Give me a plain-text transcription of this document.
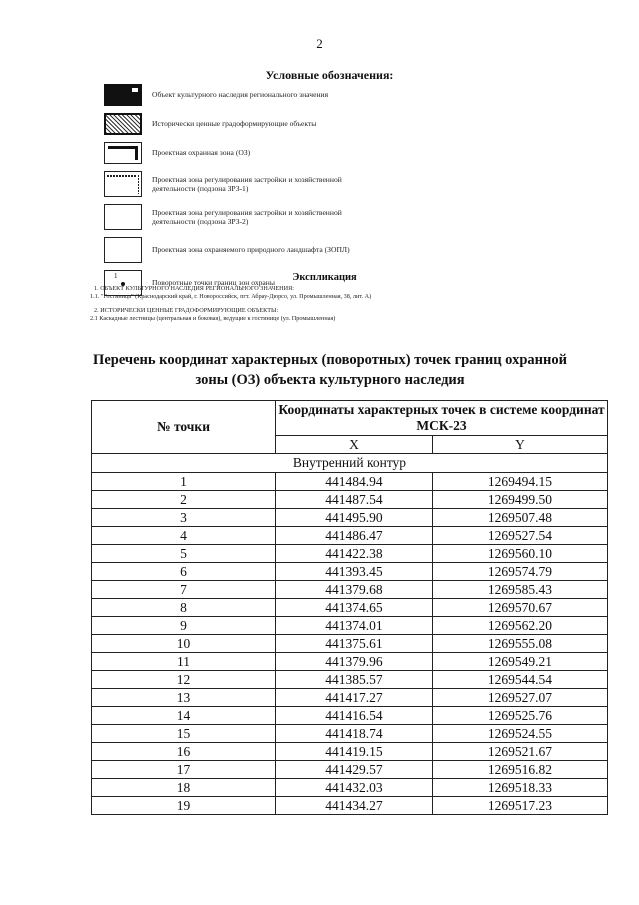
2
Условные обозначения:
Объект культурного наследия регионального значения
Исторически ценные градоформирующие объекты
Проектная охранная зона (ОЗ)
Проектная зона регулирования застройки и хозяйственной деятельности (подзона ЗРЗ-1)
Проектная зона регулирования застройки и хозяйственной деятельности (подзона ЗРЗ-2)
Проектная зона охраняемого природного ландшафта (ЗОПЛ)
1
Поворотные точки границ зон охраны	Экспликация
1. ОБЪЕКТ КУЛЬТУРНОГО НАСЛЕДИЯ РЕГИОНАЛЬНОГО ЗНАЧЕНИЯ:
1.1. "Гостиница" (Краснодарский край, г. Новороссийск, пгт. Абрау-Дюрсо, ул. Промышленная, 38, лит. А)
2. ИСТОРИЧЕСКИ ЦЕННЫЕ ГРАДОФОРМИРУЮЩИЕ ОБЪЕКТЫ:
2.1 Каскадные лестницы (центральная и боковая), ведущие к гостинице (ул. Промышленная)
Перечень координат характерных (поворотных) точек границ охранной зоны (ОЗ) объекта культурного наследия
№ точки	Координаты характерных точек в системе координат МСК-23	
	X	Y
Внутренний контур		
1	441484.94	1269494.15
2	441487.54	1269499.50
3	441495.90	1269507.48
4	441486.47	1269527.54
5	441422.38	1269560.10
6	441393.45	1269574.79
7	441379.68	1269585.43
8	441374.65	1269570.67
9	441374.01	1269562.20
10	441375.61	1269555.08
11	441379.96	1269549.21
12	441385.57	1269544.54
13	441417.27	1269527.07
14	441416.54	1269525.76
15	441418.74	1269524.55
16	441419.15	1269521.67
17	441429.57	1269516.82
18	441432.03	1269518.33
19	441434.27	1269517.23
